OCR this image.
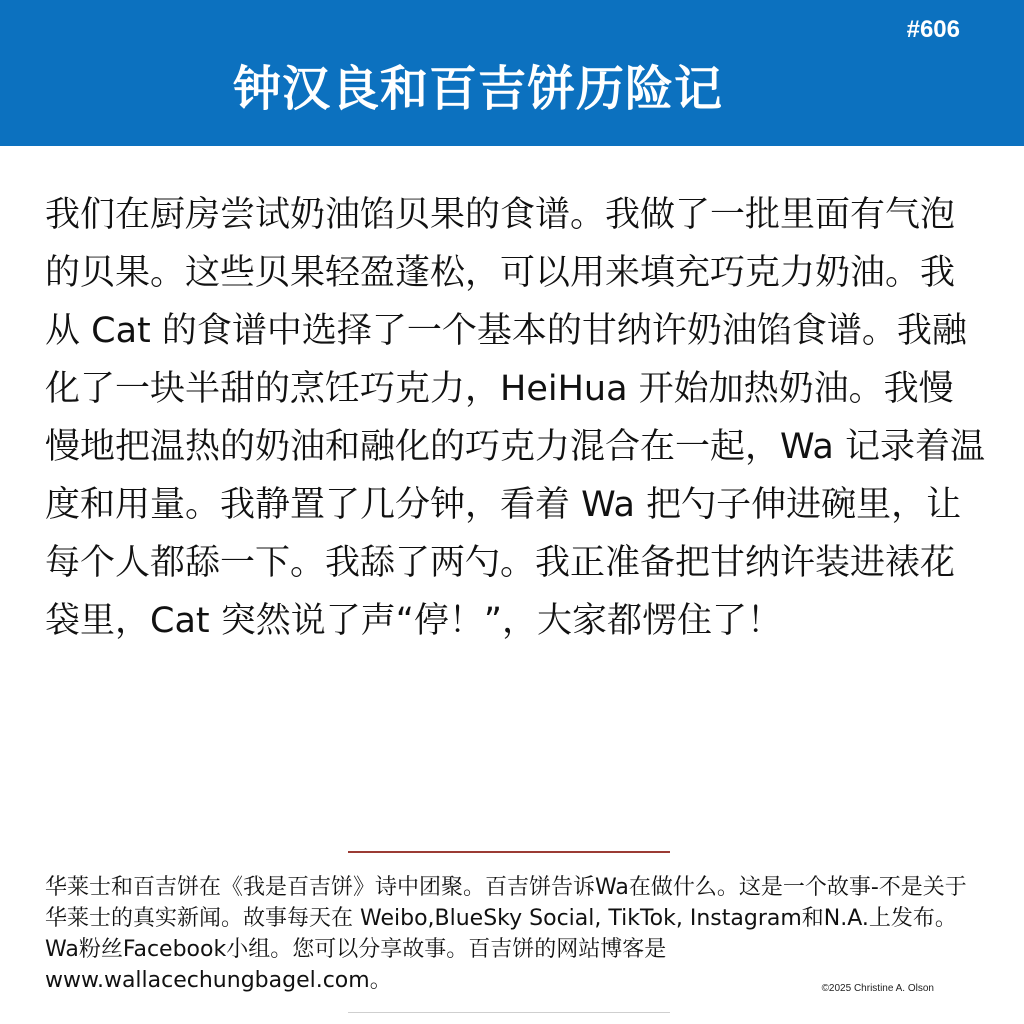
#606
钟汉良和百吉饼历险记

我们在厨房尝试奶油馅贝果的食谱。我做了一批里面有气泡的贝果。这些贝果轻盈蓬松，可以用来填充巧克力奶油。我从 Cat 的食谱中选择了一个基本的甘纳许奶油馅食谱。我融化了一块半甜的烹饪巧克力，HeiHua 开始加热奶油。我慢慢地把温热的奶油和融化的巧克力混合在一起，Wa 记录着温度和用量。我静置了几分钟，看着 Wa 把勺子伸进碗里，让每个人都舔一下。我舔了两勺。我正准备把甘纳许装进裱花袋里，Cat 突然说了声“停！”，大家都愣住了！

华莱士和百吉饼在《我是百吉饼》诗中团聚。百吉饼告诉Wa在做什么。这是一个故事-不是关于华莱士的真实新闻。故事每天在 Weibo,BlueSky Social, TikTok, Instagram和N.A.上发布。Wa粉丝Facebook小组。您可以分享故事。百吉饼的网站博客是www.wallacechungbagel.com。	©2025 Christine A. Olson
